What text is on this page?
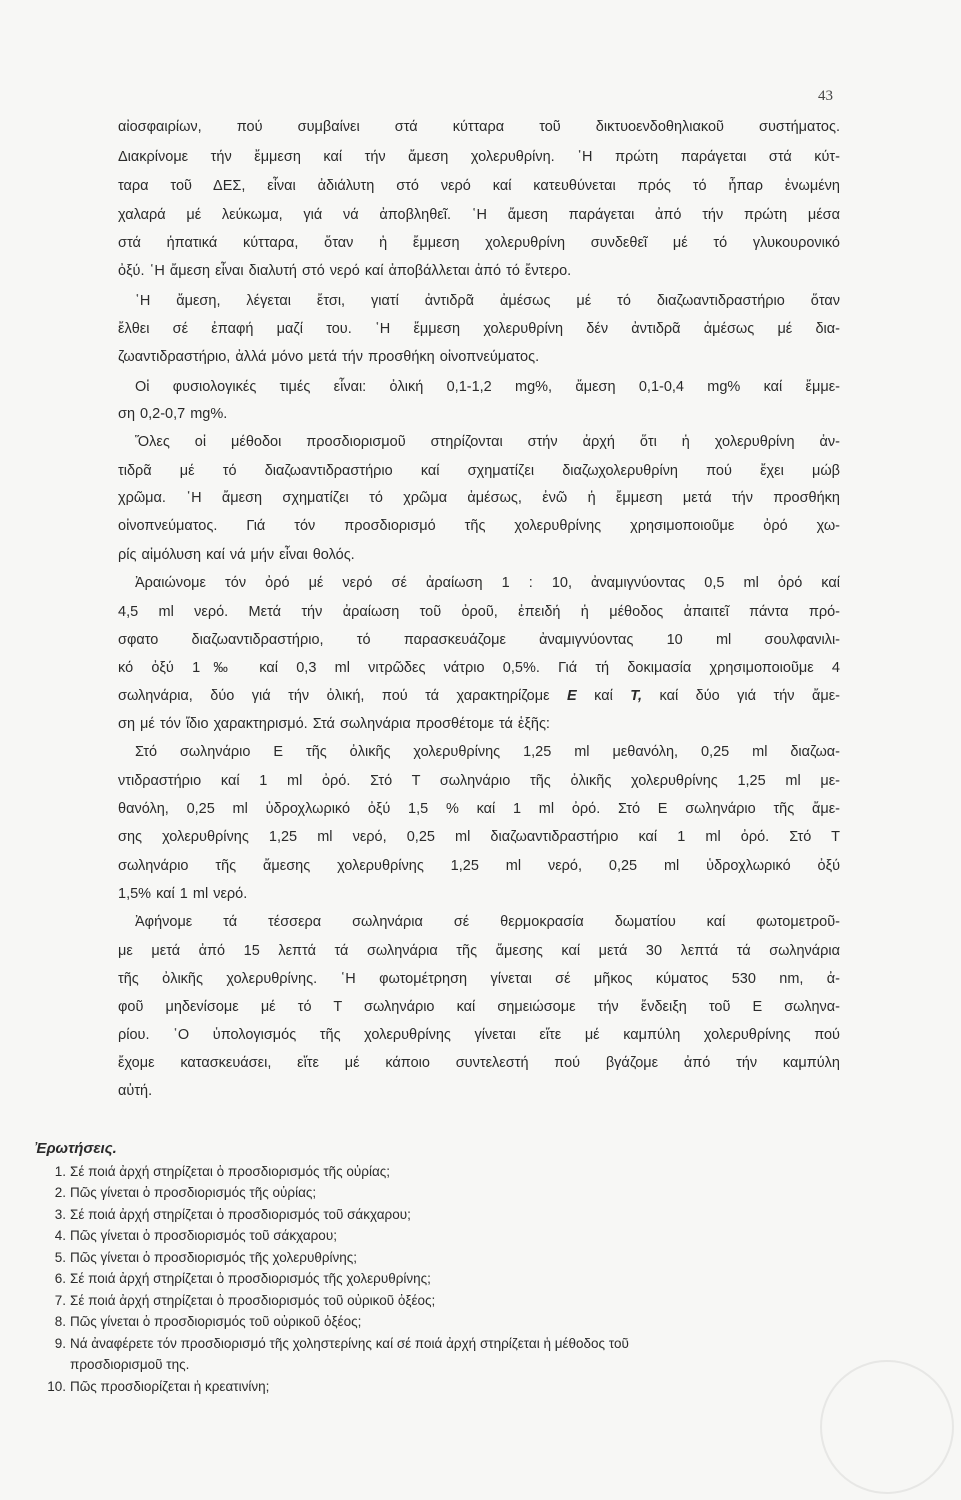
43
αἰοσφαιρίων, πού συμβαίνει στά κύτταρα τοῦ δικτυοενδοθηλιακοῦ συστήματος.
Διακρίνομε τήν ἔμμεση καί τήν ἄμεση χολερυθρίνη. ῾Η πρώτη παράγεται στά κύτ-
ταρα τοῦ ΔΕΣ, εἶναι ἀδιάλυτη στό νερό καί κατευθύνεται πρός τό ἧπαρ ἑνωμένη
χαλαρά μέ λεύκωμα, γιά νά ἀποβληθεῖ. ῾Η ἄμεση παράγεται ἀπό τήν πρώτη μέσα
στά ἡπατικά κύτταρα, ὅταν ἡ ἔμμεση χολερυθρίνη συνδεθεῖ μέ τό γλυκουρονικό
ὀξύ. ῾Η ἄμεση εἶναι διαλυτή στό νερό καί ἀποβάλλεται ἀπό τό ἔντερο.
῾Η ἄμεση, λέγεται ἔτσι, γιατί ἀντιδρᾶ ἀμέσως μέ τό διαζωαντιδραστήριο ὅταν
ἔλθει σέ ἐπαφή μαζί του. ῾Η ἔμμεση χολερυθρίνη δέν ἀντιδρᾶ ἀμέσως μέ δια-
ζωαντιδραστήριο, ἀλλά μόνο μετά τήν προσθήκη οἰνοπνεύματος.
Οἱ φυσιολογικές τιμές εἶναι: ὀλική 0,1-1,2 mg%, ἄμεση 0,1-0,4 mg% καί ἔμμε-
ση 0,2-0,7 mg%.
Ὅλες οἱ μέθοδοι προσδιορισμοῦ στηρίζονται στήν ἀρχή ὅτι ἡ χολερυθρίνη ἀν-
τιδρᾶ μέ τό διαζωαντιδραστήριο καί σχηματίζει διαζωχολερυθρίνη πού ἔχει μώβ
χρῶμα. ῾Η ἄμεση σχηματίζει τό χρῶμα ἀμέσως, ἐνῶ ἡ ἔμμεση μετά τήν προσθήκη
οἰνοπνεύματος. Γιά τόν προσδιορισμό τῆς χολερυθρίνης χρησιμοποιοῦμε ὀρό χω-
ρίς αἱμόλυση καί νά μήν εἶναι θολός.
Ἀραιώνομε τόν ὀρό μέ νερό σέ ἀραίωση 1 : 10, ἀναμιγνύοντας 0,5 ml ὀρό καί
4,5 ml νερό. Μετά τήν ἀραίωση τοῦ ὀροῦ, ἐπειδή ἡ μέθοδος ἀπαιτεῖ πάντα πρό-
σφατο διαζωαντιδραστήριο, τό παρασκευάζομε ἀναμιγνύοντας 10 ml σουλφανιλι-
κό ὀξύ 1‰ καί 0,3 ml νιτρῶδες νάτριο 0,5%. Γιά τή δοκιμασία χρησιμοποιοῦμε 4
σωληνάρια, δύο γιά τήν ὀλική, πού τά χαρακτηρίζομε E καί T, καί δύο γιά τήν ἄμε-
ση μέ τόν ἴδιο χαρακτηρισμό. Στά σωληνάρια προσθέτομε τά ἑξῆς:
Στό σωληνάριο Ε τῆς ὀλικῆς χολερυθρίνης 1,25 ml μεθανόλη, 0,25 ml διαζωα-
ντιδραστήριο καί 1 ml ὀρό. Στό Τ σωληνάριο τῆς ὀλικῆς χολερυθρίνης 1,25 ml με-
θανόλη, 0,25 ml ὑδροχλωρικό ὀξύ 1,5 % καί 1 ml ὀρό. Στό Ε σωληνάριο τῆς ἄμε-
σης χολερυθρίνης 1,25 ml νερό, 0,25 ml διαζωαντιδραστήριο καί 1 ml ὀρό. Στό Τ
σωληνάριο τῆς ἄμεσης χολερυθρίνης 1,25 ml νερό, 0,25 ml ὑδροχλωρικό ὀξύ
1,5% καί 1 ml νερό.
Ἀφήνομε τά τέσσερα σωληνάρια σέ θερμοκρασία δωματίου καί φωτομετροῦ-
με μετά ἀπό 15 λεπτά τά σωληνάρια τῆς ἄμεσης καί μετά 30 λεπτά τά σωληνάρια
τῆς ὀλικῆς χολερυθρίνης. ῾Η φωτομέτρηση γίνεται σέ μῆκος κύματος 530 nm, ἀ-
φοῦ μηδενίσομε μέ τό Τ σωληνάριο καί σημειώσομε τήν ἔνδειξη τοῦ Ε σωληνα-
ρίου. ῾Ο ὑπολογισμός τῆς χολερυθρίνης γίνεται εἴτε μέ καμπύλη χολερυθρίνης πού
ἔχομε κατασκευάσει, εἴτε μέ κάποιο συντελεστή πού βγάζομε ἀπό τήν καμπύλη
αὐτή.
Ἐρωτήσεις.
1. Σέ ποιά ἀρχή στηρίζεται ὁ προσδιορισμός τῆς οὐρίας;
2. Πῶς γίνεται ὁ προσδιορισμός τῆς οὐρίας;
3. Σέ ποιά ἀρχή στηρίζεται ὁ προσδιορισμός τοῦ σάκχαρου;
4. Πῶς γίνεται ὁ προσδιορισμός τοῦ σάκχαρου;
5. Πῶς γίνεται ὁ προσδιορισμός τῆς χολερυθρίνης;
6. Σέ ποιά ἀρχή στηρίζεται ὁ προσδιορισμός τῆς χολερυθρίνης;
7. Σέ ποιά ἀρχή στηρίζεται ὁ προσδιορισμός τοῦ οὐρικοῦ ὀξέος;
8. Πῶς γίνεται ὁ προσδιορισμός τοῦ οὐρικοῦ ὀξέος;
9. Νά ἀναφέρετε τόν προσδιορισμό τῆς χοληστερίνης καί σέ ποιά ἀρχή στηρίζεται ἡ μέθοδος τοῦ
προσδιορισμοῦ της.
10. Πῶς προσδιορίζεται ἡ κρεατινίνη;
